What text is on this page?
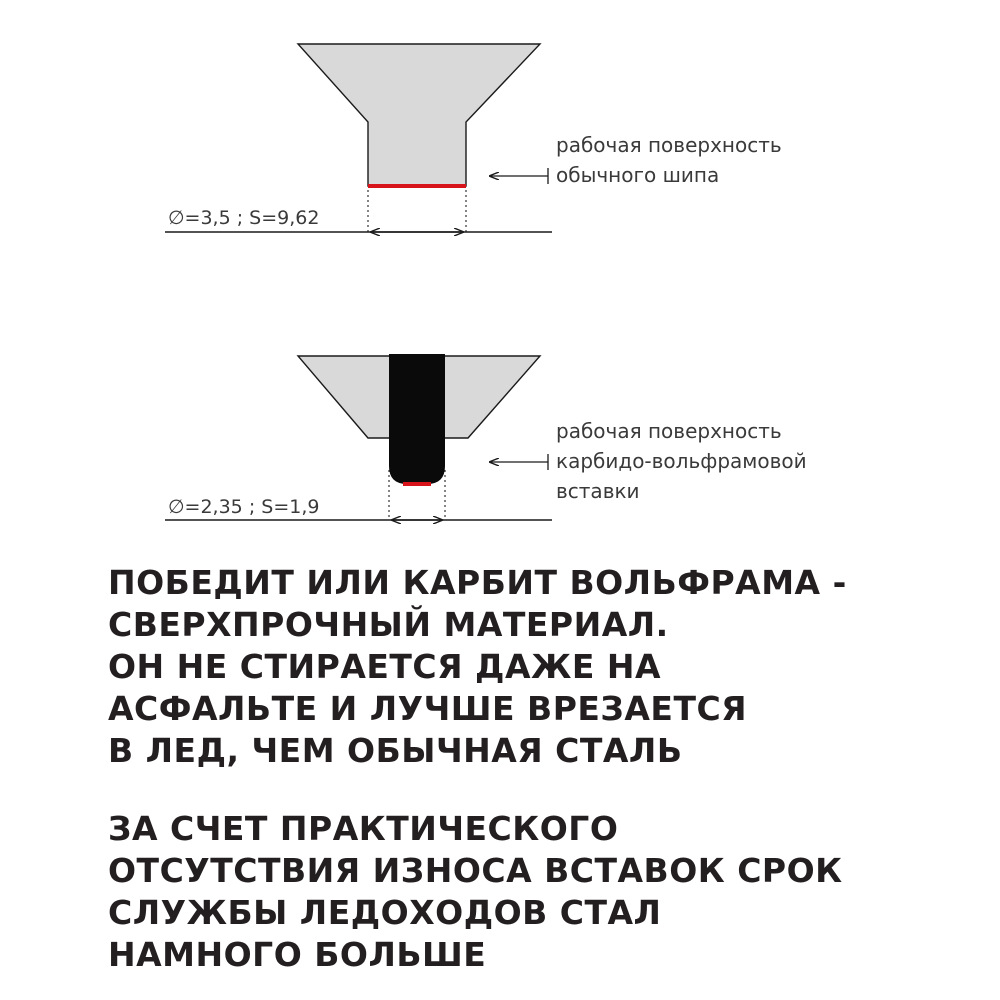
∅=3,5 ; S=9,62
рабочая поверхность обычного шипа
∅=2,35 ; S=1,9
рабочая поверхность карбидо-вольфрамовой вставки
ПОБЕДИТ ИЛИ КАРБИТ ВОЛЬФРАМА -
СВЕРХПРОЧНЫЙ МАТЕРИАЛ.
ОН НЕ СТИРАЕТСЯ ДАЖЕ НА
АСФАЛЬТЕ И ЛУЧШЕ ВРЕЗАЕТСЯ
В ЛЕД, ЧЕМ ОБЫЧНАЯ СТАЛЬ
ЗА СЧЕТ ПРАКТИЧЕСКОГО
ОТСУТСТВИЯ ИЗНОСА ВСТАВОК СРОК
СЛУЖБЫ ЛЕДОХОДОВ СТАЛ
НАМНОГО БОЛЬШЕ
